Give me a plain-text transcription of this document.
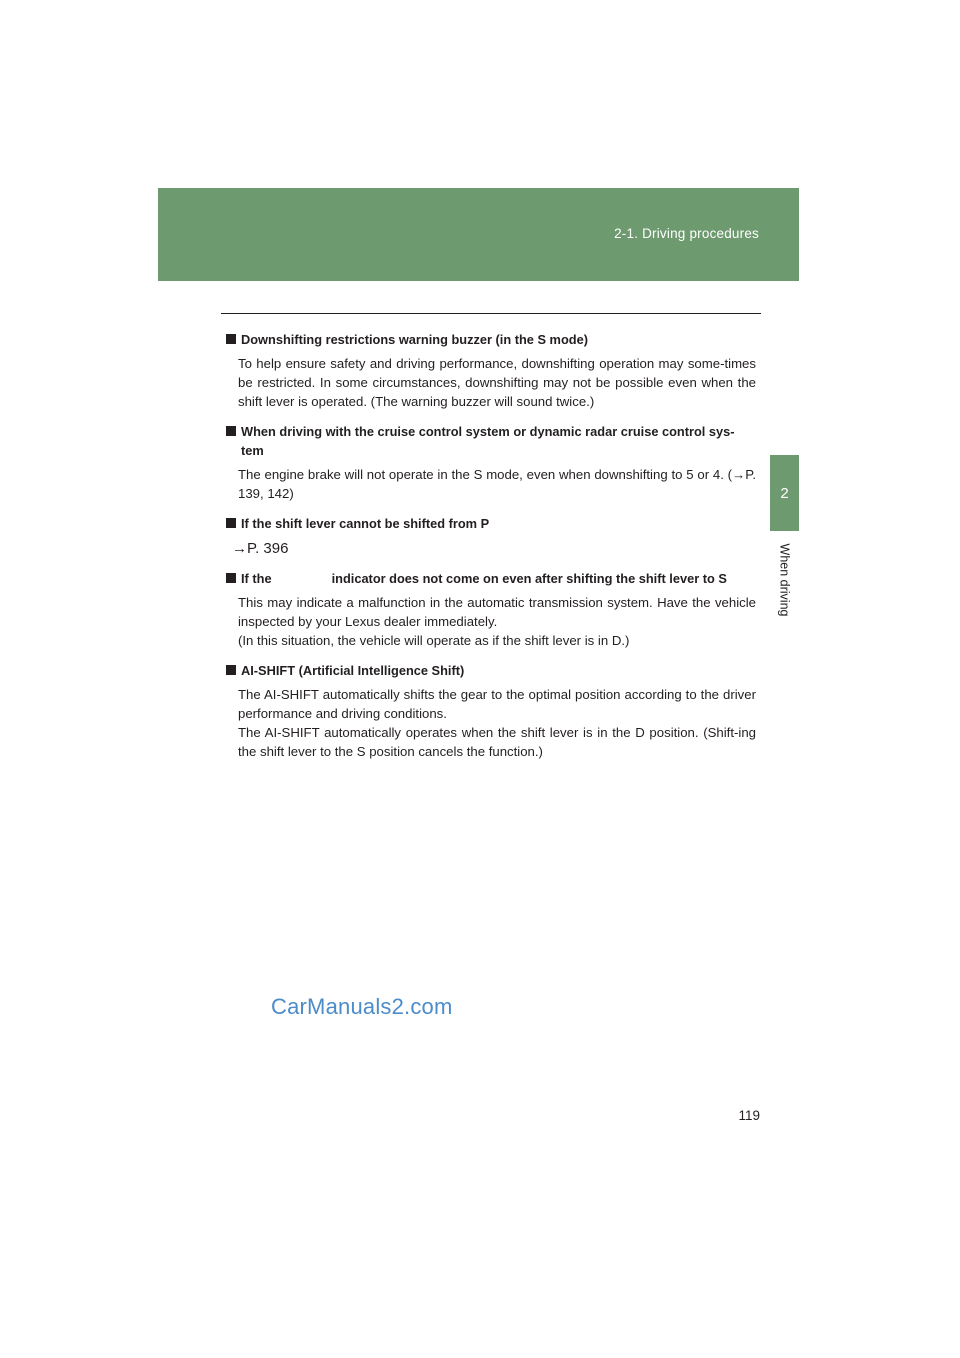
2-1. Driving procedures
2
When driving
Downshifting restrictions warning buzzer (in the S mode)

To help ensure safety and driving performance, downshifting operation may some-times be restricted. In some circumstances, downshifting may not be possible even when the shift lever is operated. (The warning buzzer will sound twice.)

When driving with the cruise control system or dynamic radar cruise control sys-tem

The engine brake will not operate in the S mode, even when downshifting to 5 or 4. (→P. 139, 142)

If the shift lever cannot be shifted from P

→P. 396

If the	indicator does not come on even after shifting the shift lever to S

This may indicate a malfunction in the automatic transmission system. Have the vehicle inspected by your Lexus dealer immediately.

(In this situation, the vehicle will operate as if the shift lever is in D.)

AI-SHIFT (Artificial Intelligence Shift)

The AI-SHIFT automatically shifts the gear to the optimal position according to the driver performance and driving conditions.

The AI-SHIFT automatically operates when the shift lever is in the D position. (Shift-ing the shift lever to the S position cancels the function.)

CarManuals2.com
119
